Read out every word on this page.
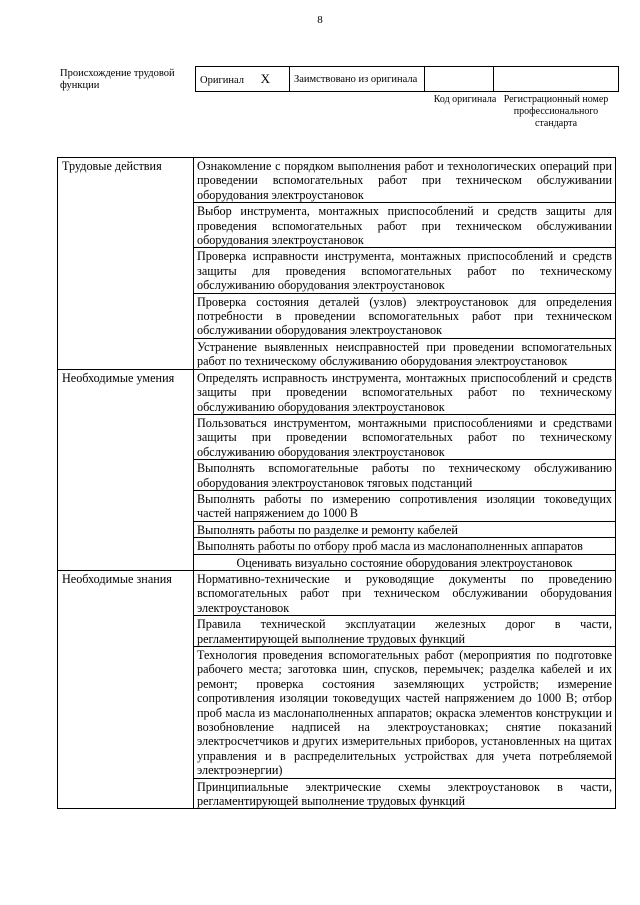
8
Происхождение трудовой функции	Оригинал X	Заимствовано из оригинала		
Код оригинала Регистрационный номер профессионального стандарта
Трудовые действия	Ознакомление с порядком выполнения работ и технологических операций при проведении вспомогательных работ при техническом обслуживании оборудования электроустановок
	Выбор инструмента, монтажных приспособлений и средств защиты для проведения вспомогательных работ при техническом обслуживании оборудования электроустановок
	Проверка исправности инструмента, монтажных приспособлений и средств защиты для проведения вспомогательных работ по техническому обслуживанию оборудования электроустановок
	Проверка состояния деталей (узлов) электроустановок для определения потребности в проведении вспомогательных работ при техническом обслуживании оборудования электроустановок
	Устранение выявленных неисправностей при проведении вспомогательных работ по техническому обслуживанию оборудования электроустановок
Необходимые умения	Определять исправность инструмента, монтажных приспособлений и средств защиты при проведении вспомогательных работ по техническому обслуживанию оборудования электроустановок
	Пользоваться инструментом, монтажными приспособлениями и средствами защиты при проведении вспомогательных работ по техническому обслуживанию оборудования электроустановок
	Выполнять вспомогательные работы по техническому обслуживанию оборудования электроустановок тяговых подстанций
	Выполнять работы по измерению сопротивления изоляции токоведущих частей напряжением до 1000 В
	Выполнять работы по разделке и ремонту кабелей
	Выполнять работы по отбору проб масла из маслонаполненных аппаратов
	Оценивать визуально состояние оборудования электроустановок
Необходимые знания	Нормативно-технические и руководящие документы по проведению вспомогательных работ при техническом обслуживании оборудования электроустановок
	Правила технической эксплуатации железных дорог в части, регламентирующей выполнение трудовых функций
	Технология проведения вспомогательных работ (мероприятия по подготовке рабочего места; заготовка шин, спусков, перемычек; разделка кабелей и их ремонт; проверка состояния заземляющих устройств; измерение сопротивления изоляции токоведущих частей напряжением до 1000 В; отбор проб масла из маслонаполненных аппаратов; окраска элементов конструкции и возобновление надписей на электроустановках; снятие показаний электросчетчиков и других измерительных приборов, установленных на щитах управления и в распределительных устройствах для учета потребляемой электроэнергии)
	Принципиальные электрические схемы электроустановок в части, регламентирующей выполнение трудовых функций
